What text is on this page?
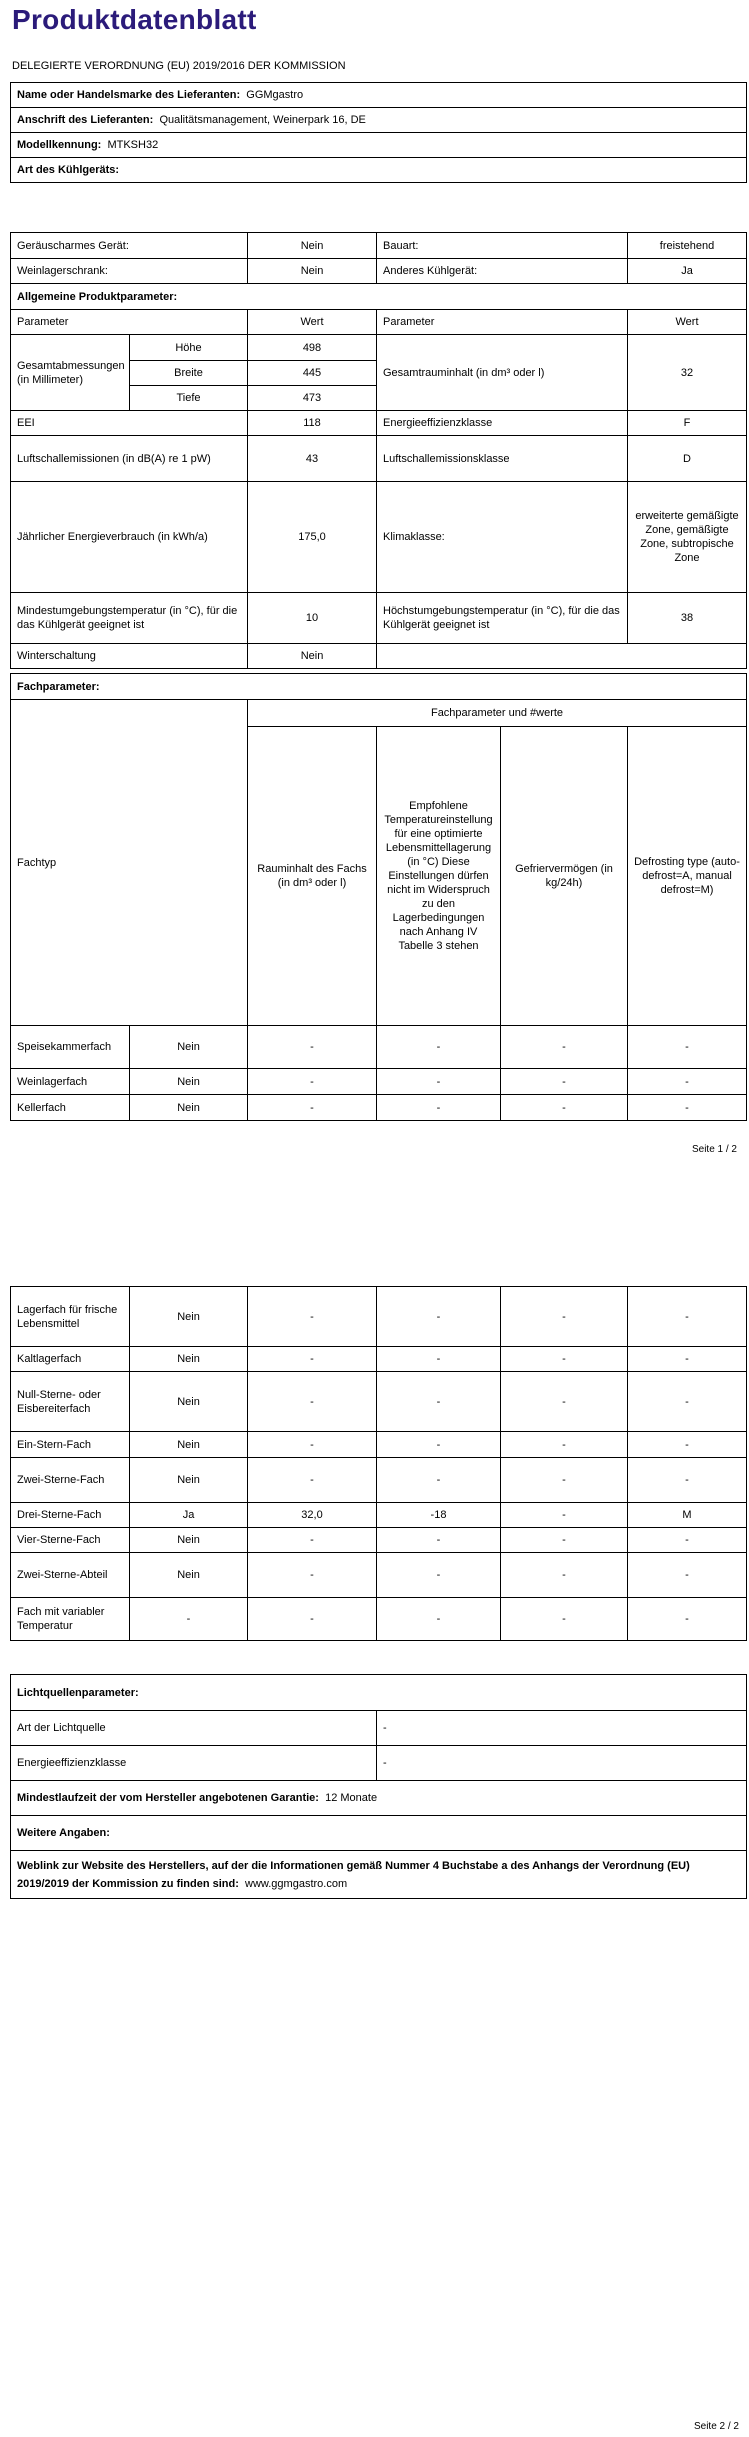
Produktdatenblatt
DELEGIERTE VERORDNUNG (EU) 2019/2016 DER KOMMISSION
Name oder Handelsmarke des Lieferanten: GGMgastro
Anschrift des Lieferanten: Qualitätsmanagement, Weinerpark 16, DE
Modellkennung: MTKSH32
Art des Kühlgeräts:
Geräuscharmes Gerät:		Nein	Bauart:	freistehend
Weinlagerschrank:		Nein	Anderes Kühlgerät:	Ja
Allgemeine Produktparameter:				
Parameter		Wert	Parameter	Wert
Gesamtabmessungen (in Millimeter)	Höhe	498	Gesamtrauminhalt (in dm³ oder l)	32
	Breite	445		
	Tiefe	473		
EEI		118	Energieeffizienzklasse	F
Luftschallemissionen (in dB(A) re 1 pW)		43	Luftschallemissionsklasse	D
Jährlicher Energieverbrauch (in kWh/a)		175,0	Klimaklasse:	erweiterte gemäßigte Zone, gemäßigte Zone, subtropische Zone
Mindestumgebungstemperatur (in °C), für die das Kühlgerät geeignet ist		10	Höchstumgebungstemperatur (in °C), für die das Kühlgerät geeignet ist	38
Winterschaltung		Nein		
Fachparameter:					
Fachtyp		Fachparameter und #werte			
		Rauminhalt des Fachs (in dm³ oder l)	Empfohlene Temperatureinstellung für eine optimierte Lebensmittellagerung (in °C) Diese Einstellungen dürfen nicht im Widerspruch zu den Lagerbedingungen nach Anhang IV Tabelle 3 stehen	Gefriervermögen (in kg/24h)	Defrosting type (auto-defrost=A, manual defrost=M)
Speisekammerfach	Nein	-	-	-	-
Weinlagerfach	Nein	-	-	-	-
Kellerfach	Nein	-	-	-	-
Seite 1 / 2
Lagerfach für frische Lebensmittel	Nein	-	-	-	-
Kaltlagerfach	Nein	-	-	-	-
Null-Sterne- oder Eisbereiterfach	Nein	-	-	-	-
Ein-Stern-Fach	Nein	-	-	-	-
Zwei-Sterne-Fach	Nein	-	-	-	-
Drei-Sterne-Fach	Ja	32,0	-18	-	M
Vier-Sterne-Fach	Nein	-	-	-	-
Zwei-Sterne-Abteil	Nein	-	-	-	-
Fach mit variabler Temperatur	-	-	-	-	-
Lichtquellenparameter:	
Art der Lichtquelle	-
Energieeffizienzklasse	-
Mindestlaufzeit der vom Hersteller angebotenen Garantie: 12 Monate	
Weitere Angaben:	
Weblink zur Website des Herstellers, auf der die Informationen gemäß Nummer 4 Buchstabe a des Anhangs der Verordnung (EU) 2019/2019 der Kommission zu finden sind: www.ggmgastro.com	
Seite 2 / 2
